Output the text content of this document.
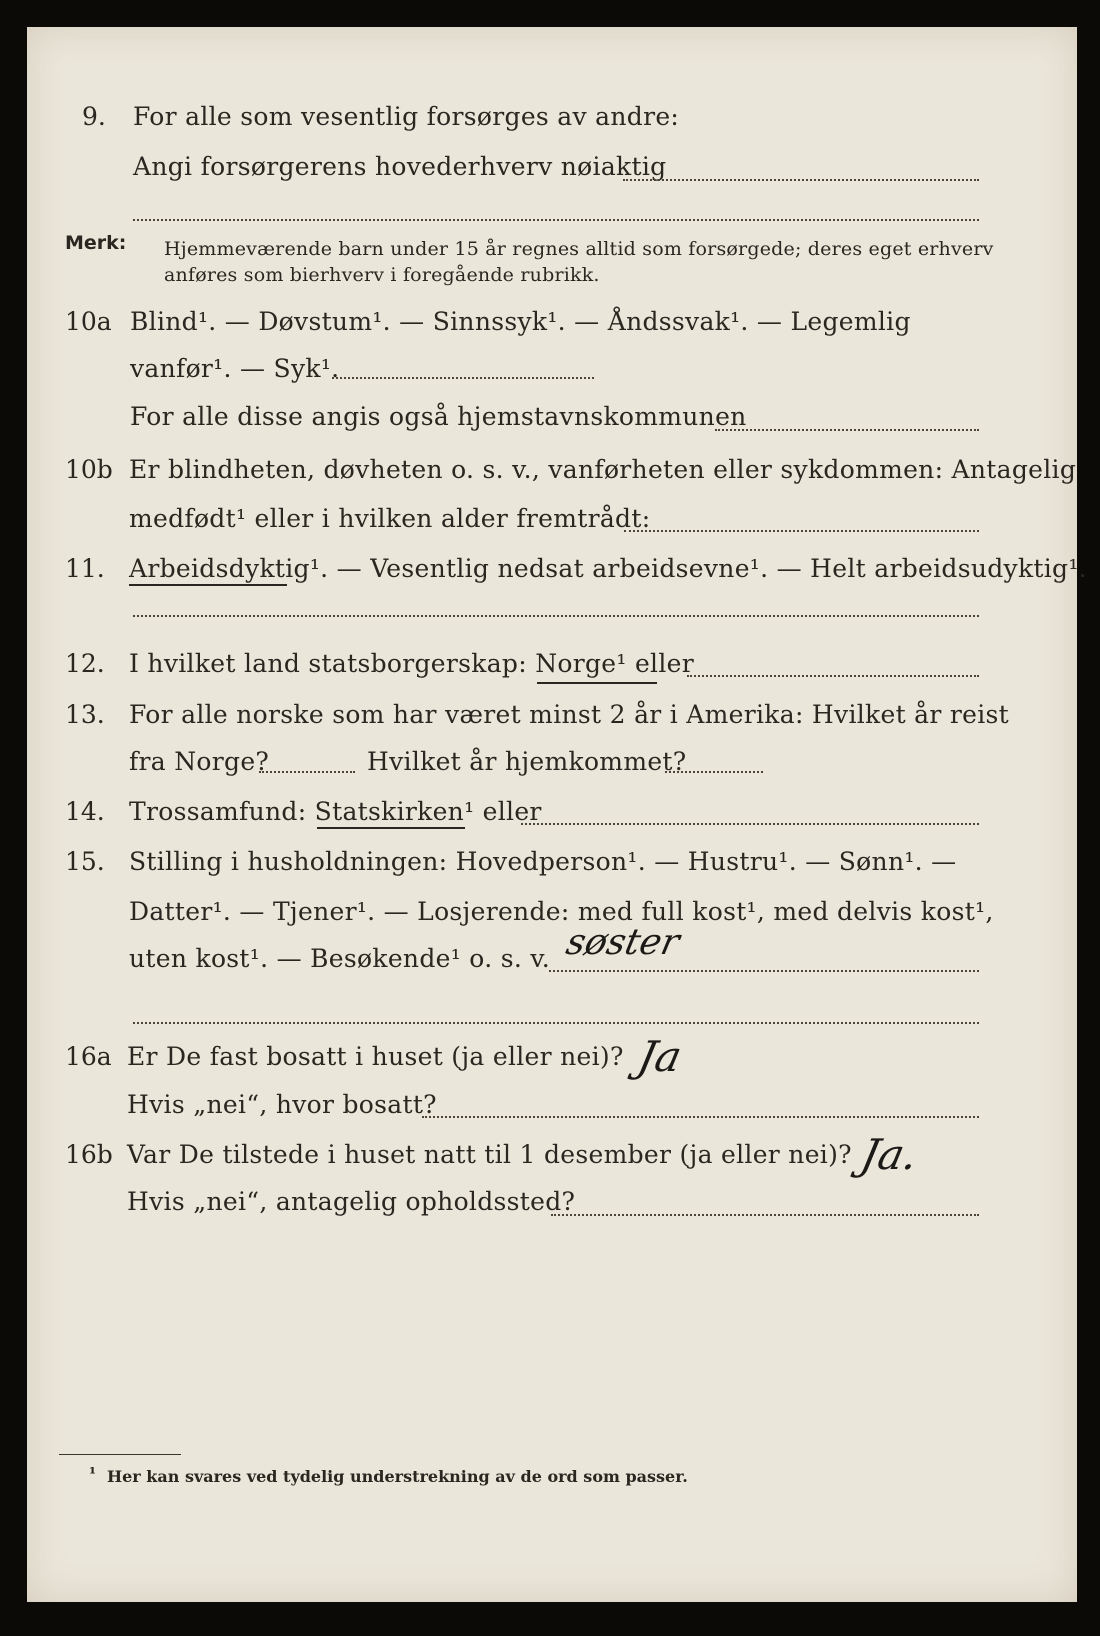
9. For alle som vesentlig forsørges av andre:
Angi forsørgerens hovederhverv nøiaktig
Merk: Hjemmeværende barn under 15 år regnes alltid som forsørgede; deres eget erhverv
anføres som bierhverv i foregående rubrikk.
10a Blind¹. — Døvstum¹. — Sinnssyk¹. — Åndssvak¹. — Legemlig
vanfør¹. — Syk¹.
For alle disse angis også hjemstavnskommunen
10b Er blindheten, døvheten o. s. v., vanførheten eller sykdommen: Antagelig
medfødt¹ eller i hvilken alder fremtrådt:
11. Arbeidsdyktig¹. — Vesentlig nedsat arbeidsevne¹. — Helt arbeidsudyktig¹.
12. I hvilket land statsborgerskap: Norge¹ eller
13. For alle norske som har været minst 2 år i Amerika: Hvilket år reist
fra Norge?	Hvilket år hjemkommet?
14. Trossamfund: Statskirken¹ eller
15. Stilling i husholdningen: Hovedperson¹. — Hustru¹. — Sønn¹. —
Datter¹. — Tjener¹. — Losjerende: med full kost¹, med delvis kost¹,
uten kost¹. — Besøkende¹ o. s. v. søster
16a Er De fast bosatt i huset (ja eller nei)? Ja
Hvis „nei“, hvor bosatt?
16b Var De tilstede i huset natt til 1 desember (ja eller nei)? Ja.
Hvis „nei“, antagelig opholdssted?
¹ Her kan svares ved tydelig understrekning av de ord som passer.
